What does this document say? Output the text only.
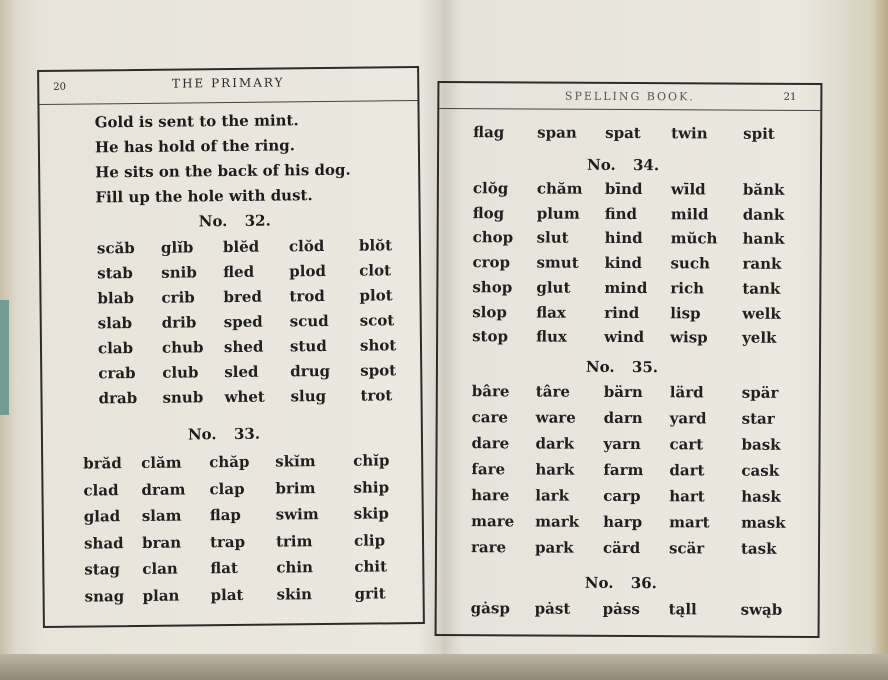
20	THE PRIMARY
Gold is sent to the mint.
He has hold of the ring.
He sits on the back of his dog.
Fill up the hole with dust.
No. 32.
scăb glĭb blĕd clŏd blŏt
stab snib fled plod clot
blab crib bred trod plot
slab drib sped scud scot
clab chub shed stud shot
crab club sled drug spot
drab snub whet slug trot
No. 33.
brăd clăm chăp skĭm chĭp
clad dram clap brim	ship
glad slam flap swim skip
shad bran trap trim	clip
stag clan flat	chin	chit
snag plan plat skin	grit
SPELLING BOOK.	21
flag span spat twin spit
No. 34.
clŏg chăm bīnd wīld bănk
flog plum find mild dank
chop slut hind mŭch hank
crop smut kind such rank
shop glut mind rich	tank
slop flax	rind lisp	welk
stop flux wind wisp yelk
No. 35.
bâre târe bärn lärd	spär
care ware darn yard star
dare dark yarn cart	bask
fare hark farm dart cask
hare lark carp hart hask
mare mark harp mart mask
rare park cärd scär task
No. 36.
gȧsp pȧst pȧss tąll	swąb
